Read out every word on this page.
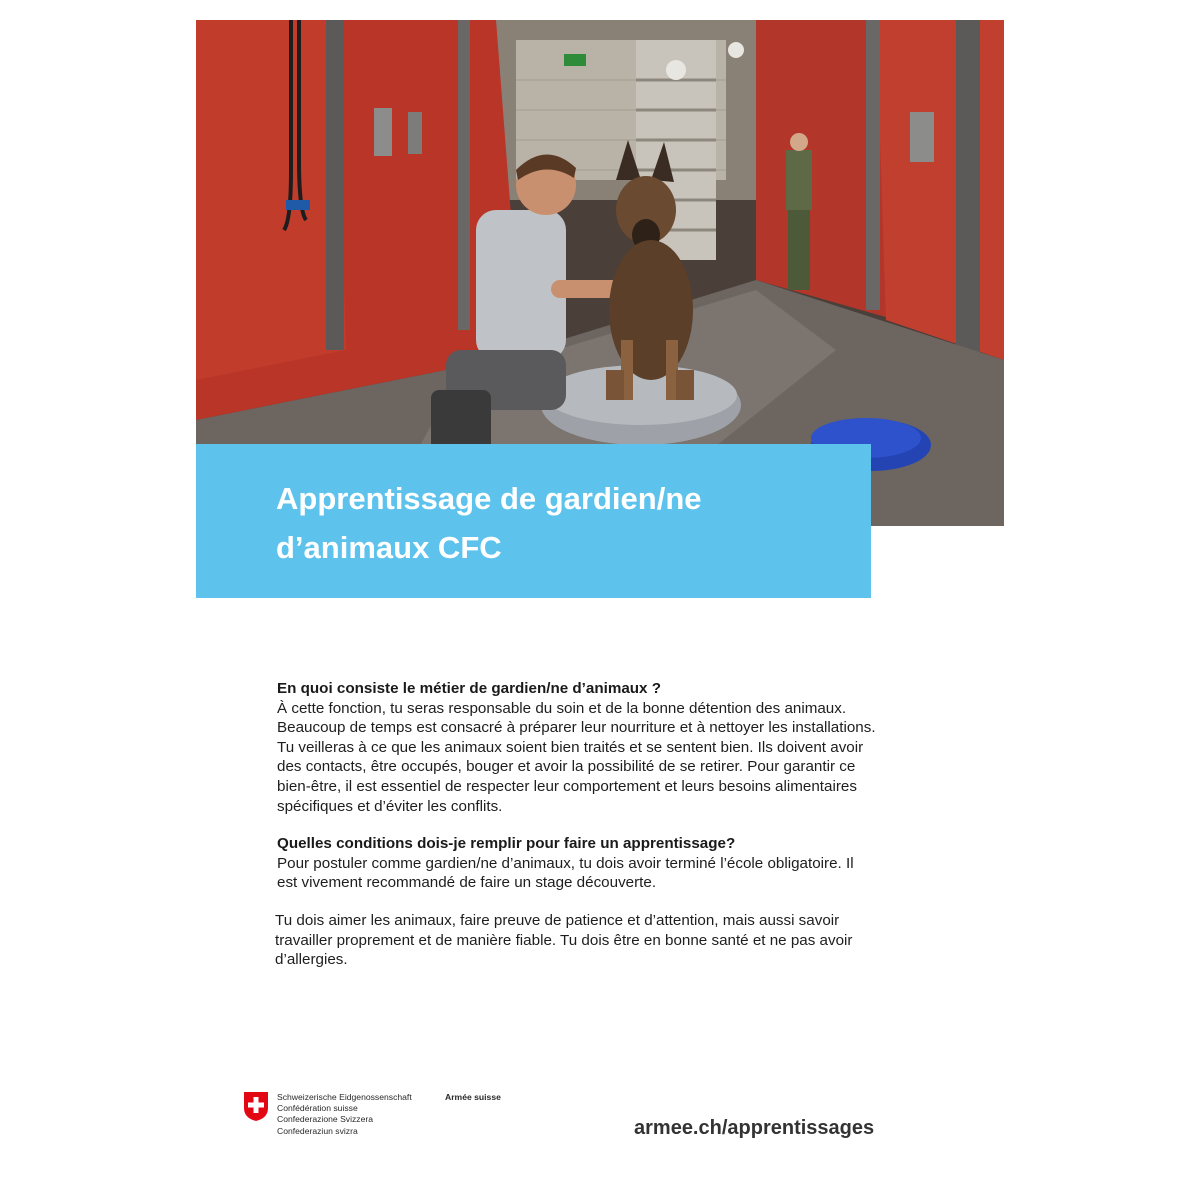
Apprentissage de gardien/ne
d’animaux CFC
En quoi consiste le métier de gardien/ne d’animaux ?

À cette fonction, tu seras responsable du soin et de la bonne détention des animaux. Beaucoup de temps est consacré à préparer leur nourriture et à nettoyer les installations. Tu veilleras à ce que les animaux soient bien traités et se sentent bien. Ils doivent avoir des contacts, être occupés, bouger et avoir la possibilité de se retirer. Pour garantir ce bien-être, il est essentiel de respecter leur comportement et leurs besoins alimentaires spécifiques et d’éviter les conflits.

Quelles conditions dois-je remplir pour faire un apprentissage?

Pour postuler comme gardien/ne d’animaux, tu dois avoir terminé l’école obligatoire. Il est vivement recommandé de faire un stage découverte.

Tu dois aimer les animaux, faire preuve de patience et d’attention, mais aussi savoir travailler proprement et de manière fiable. Tu dois être en bonne santé et ne pas avoir d’allergies.

Schweizerische Eidgenossenschaft
Confédération suisse
Confederazione Svizzera
Confederaziun svizra
Armée suisse
armee.ch/apprentissages
